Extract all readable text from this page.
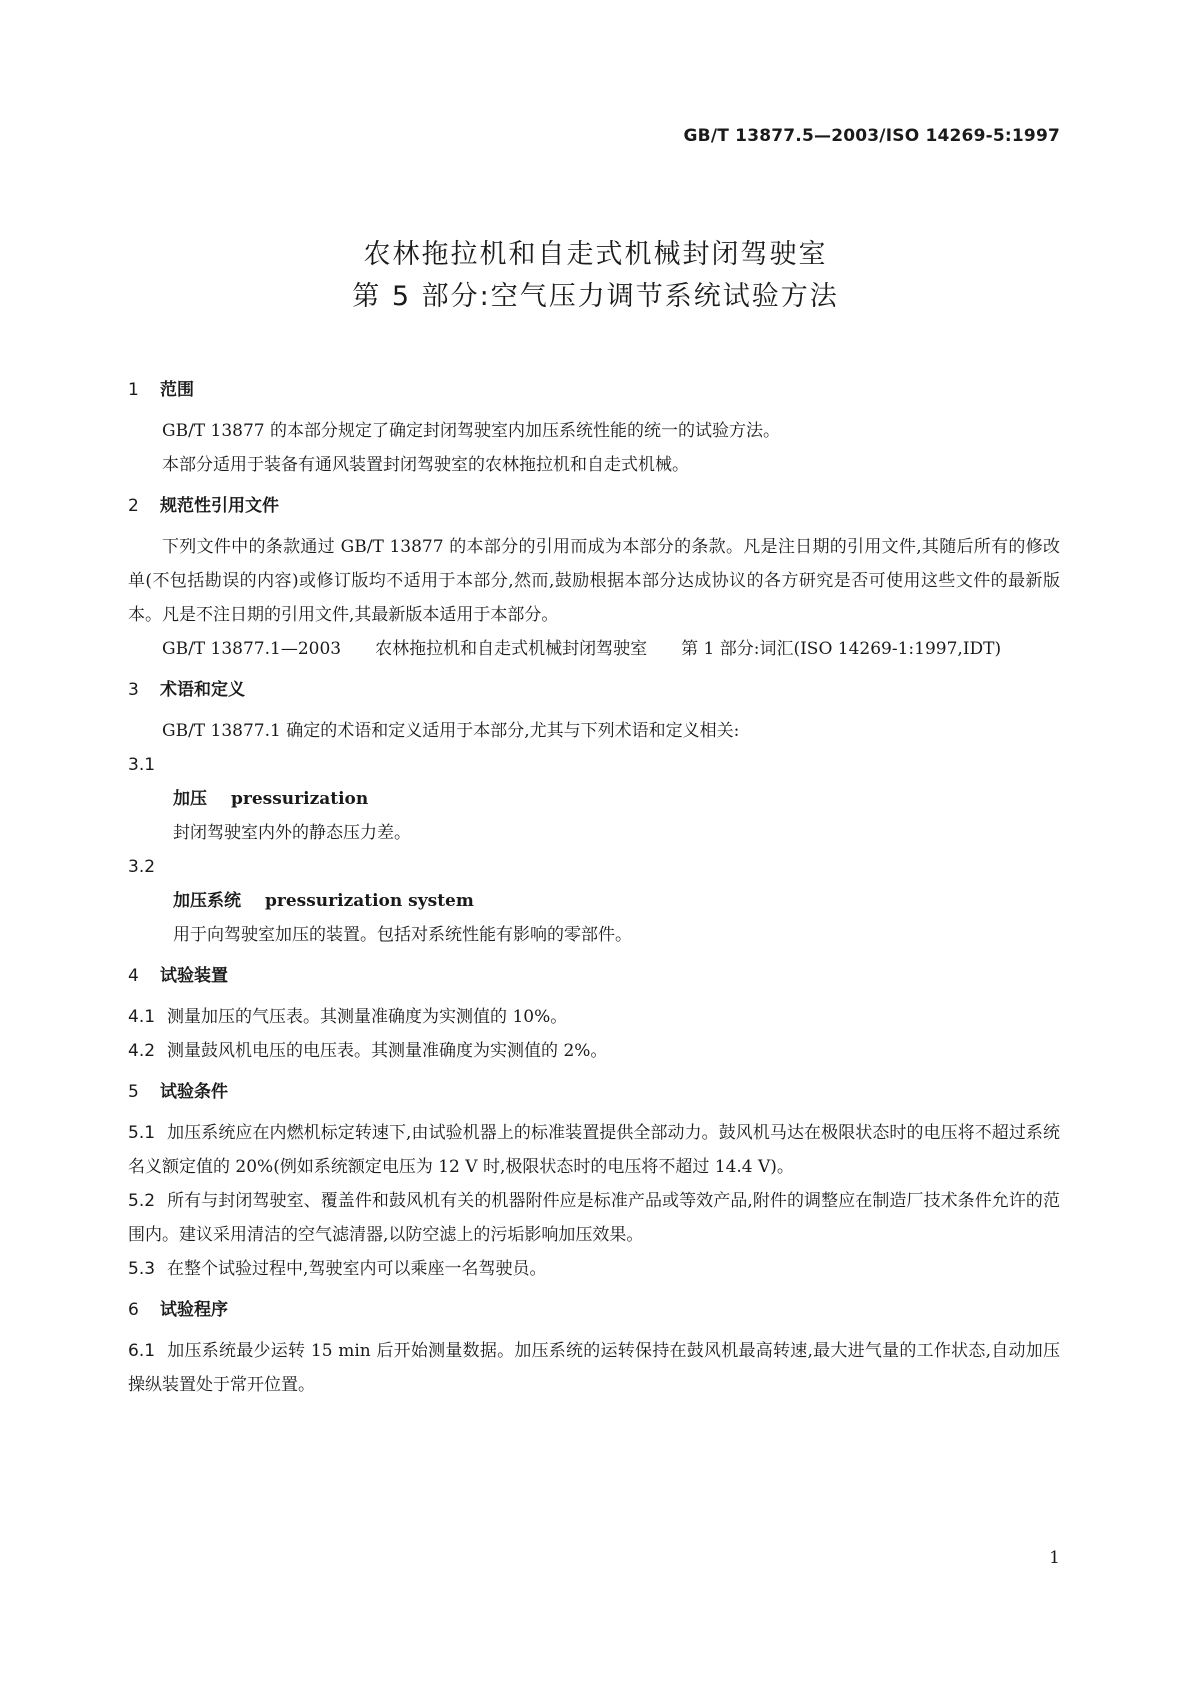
GB/T 13877.5—2003/ISO 14269-5:1997
农林拖拉机和自走式机械封闭驾驶室
第 5 部分:空气压力调节系统试验方法
1 范围
GB/T 13877 的本部分规定了确定封闭驾驶室内加压系统性能的统一的试验方法。
本部分适用于装备有通风装置封闭驾驶室的农林拖拉机和自走式机械。
2 规范性引用文件
下列文件中的条款通过 GB/T 13877 的本部分的引用而成为本部分的条款。凡是注日期的引用文件,其随后所有的修改单(不包括勘误的内容)或修订版均不适用于本部分,然而,鼓励根据本部分达成协议的各方研究是否可使用这些文件的最新版本。凡是不注日期的引用文件,其最新版本适用于本部分。
GB/T 13877.1—2003 农林拖拉机和自走式机械封闭驾驶室 第 1 部分:词汇(ISO 14269-1:1997,IDT)
3 术语和定义
GB/T 13877.1 确定的术语和定义适用于本部分,尤其与下列术语和定义相关:
3.1
加压 pressurization
封闭驾驶室内外的静态压力差。
3.2
加压系统 pressurization system
用于向驾驶室加压的装置。包括对系统性能有影响的零部件。
4 试验装置
4.1 测量加压的气压表。其测量准确度为实测值的 10%。
4.2 测量鼓风机电压的电压表。其测量准确度为实测值的 2%。
5 试验条件
5.1 加压系统应在内燃机标定转速下,由试验机器上的标准装置提供全部动力。鼓风机马达在极限状态时的电压将不超过系统名义额定值的 20%(例如系统额定电压为 12 V 时,极限状态时的电压将不超过 14.4 V)。
5.2 所有与封闭驾驶室、覆盖件和鼓风机有关的机器附件应是标准产品或等效产品,附件的调整应在制造厂技术条件允许的范围内。建议采用清洁的空气滤清器,以防空滤上的污垢影响加压效果。
5.3 在整个试验过程中,驾驶室内可以乘座一名驾驶员。
6 试验程序
6.1 加压系统最少运转 15 min 后开始测量数据。加压系统的运转保持在鼓风机最高转速,最大进气量的工作状态,自动加压操纵装置处于常开位置。
1
